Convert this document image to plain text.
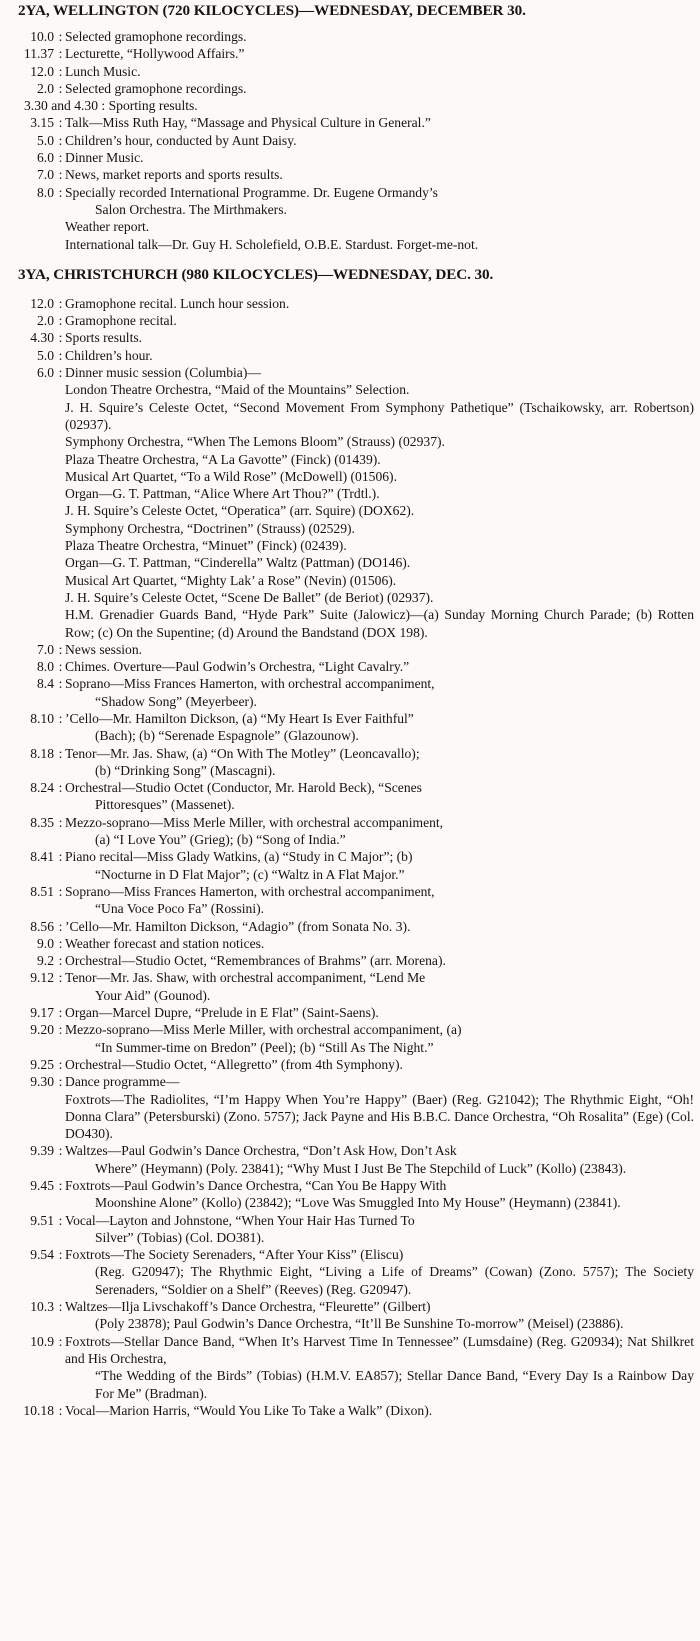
2YA, WELLINGTON (720 KILOCYCLES)—WEDNESDAY, DECEMBER 30.
10.0 : Selected gramophone recordings.
11.37 : Lecturette, “Hollywood Affairs.”
12.0 : Lunch Music.
2.0 : Selected gramophone recordings.
3.30 and 4.30 : Sporting results.
3.15 : Talk—Miss Ruth Hay, “Massage and Physical Culture in General.”
5.0 : Children’s hour, conducted by Aunt Daisy.
6.0 : Dinner Music.
7.0 : News, market reports and sports results.
8.0 : Specially recorded International Programme. Dr. Eugene Ormandy’s
Salon Orchestra. The Mirthmakers.
Weather report.
International talk—Dr. Guy H. Scholefield, O.B.E. Stardust. Forget-me-not.
3YA, CHRISTCHURCH (980 KILOCYCLES)—WEDNESDAY, DEC. 30.
12.0 : Gramophone recital. Lunch hour session.
2.0 : Gramophone recital.
4.30 : Sports results.
5.0 : Children’s hour.
6.0 : Dinner music session (Columbia)—
London Theatre Orchestra, “Maid of the Mountains” Selection.
J. H. Squire’s Celeste Octet, “Second Movement From Symphony Pathetique” (Tschaikowsky, arr. Robertson) (02937).
Symphony Orchestra, “When The Lemons Bloom” (Strauss) (02937).
Plaza Theatre Orchestra, “A La Gavotte” (Finck) (01439).
Musical Art Quartet, “To a Wild Rose” (McDowell) (01506).
Organ—G. T. Pattman, “Alice Where Art Thou?” (Trdtl.).
J. H. Squire’s Celeste Octet, “Operatica” (arr. Squire) (DOX62).
Symphony Orchestra, “Doctrinen” (Strauss) (02529).
Plaza Theatre Orchestra, “Minuet” (Finck) (02439).
Organ—G. T. Pattman, “Cinderella” Waltz (Pattman) (DO146).
Musical Art Quartet, “Mighty Lak’ a Rose” (Nevin) (01506).
J. H. Squire’s Celeste Octet, “Scene De Ballet” (de Beriot) (02937).
H.M. Grenadier Guards Band, “Hyde Park” Suite (Jalowicz)—(a) Sunday Morning Church Parade; (b) Rotten Row; (c) On the Supentine; (d) Around the Bandstand (DOX 198).
7.0 : News session.
8.0 : Chimes. Overture—Paul Godwin’s Orchestra, “Light Cavalry.”
8.4 : Soprano—Miss Frances Hamerton, with orchestral accompaniment,
“Shadow Song” (Meyerbeer).
8.10 : ’Cello—Mr. Hamilton Dickson, (a) “My Heart Is Ever Faithful”
(Bach); (b) “Serenade Espagnole” (Glazounow).
8.18 : Tenor—Mr. Jas. Shaw, (a) “On With The Motley” (Leoncavallo);
(b) “Drinking Song” (Mascagni).
8.24 : Orchestral—Studio Octet (Conductor, Mr. Harold Beck), “Scenes
Pittoresques” (Massenet).
8.35 : Mezzo-soprano—Miss Merle Miller, with orchestral accompaniment,
(a) “I Love You” (Grieg); (b) “Song of India.”
8.41 : Piano recital—Miss Glady Watkins, (a) “Study in C Major”; (b)
“Nocturne in D Flat Major”; (c) “Waltz in A Flat Major.”
8.51 : Soprano—Miss Frances Hamerton, with orchestral accompaniment,
“Una Voce Poco Fa” (Rossini).
8.56 : ’Cello—Mr. Hamilton Dickson, “Adagio” (from Sonata No. 3).
9.0 : Weather forecast and station notices.
9.2 : Orchestral—Studio Octet, “Remembrances of Brahms” (arr. Morena).
9.12 : Tenor—Mr. Jas. Shaw, with orchestral accompaniment, “Lend Me
Your Aid” (Gounod).
9.17 : Organ—Marcel Dupre, “Prelude in E Flat” (Saint-Saens).
9.20 : Mezzo-soprano—Miss Merle Miller, with orchestral accompaniment, (a)
“In Summer-time on Bredon” (Peel); (b) “Still As The Night.”
9.25 : Orchestral—Studio Octet, “Allegretto” (from 4th Symphony).
9.30 : Dance programme—
Foxtrots—The Radiolites, “I’m Happy When You’re Happy” (Baer) (Reg. G21042); The Rhythmic Eight, “Oh! Donna Clara” (Petersburski) (Zono. 5757); Jack Payne and His B.B.C. Dance Orchestra, “Oh Rosalita” (Ege) (Col. DO430).
9.39 : Waltzes—Paul Godwin’s Dance Orchestra, “Don’t Ask How, Don’t Ask
Where” (Heymann) (Poly. 23841); “Why Must I Just Be The Stepchild of Luck” (Kollo) (23843).
9.45 : Foxtrots—Paul Godwin’s Dance Orchestra, “Can You Be Happy With
Moonshine Alone” (Kollo) (23842); “Love Was Smuggled Into My House” (Heymann) (23841).
9.51 : Vocal—Layton and Johnstone, “When Your Hair Has Turned To
Silver” (Tobias) (Col. DO381).
9.54 : Foxtrots—The Society Serenaders, “After Your Kiss” (Eliscu)
(Reg. G20947); The Rhythmic Eight, “Living a Life of Dreams” (Cowan) (Zono. 5757); The Society Serenaders, “Soldier on a Shelf” (Reeves) (Reg. G20947).
10.3 : Waltzes—Ilja Livschakoff’s Dance Orchestra, “Fleurette” (Gilbert)
(Poly 23878); Paul Godwin’s Dance Orchestra, “It’ll Be Sunshine To-morrow” (Meisel) (23886).
10.9 : Foxtrots—Stellar Dance Band, “When It’s Harvest Time In Tennessee” (Lumsdaine) (Reg. G20934); Nat Shilkret and His Orchestra,
“The Wedding of the Birds” (Tobias) (H.M.V. EA857); Stellar Dance Band, “Every Day Is a Rainbow Day For Me” (Bradman).
10.18 : Vocal—Marion Harris, “Would You Like To Take a Walk” (Dixon).
